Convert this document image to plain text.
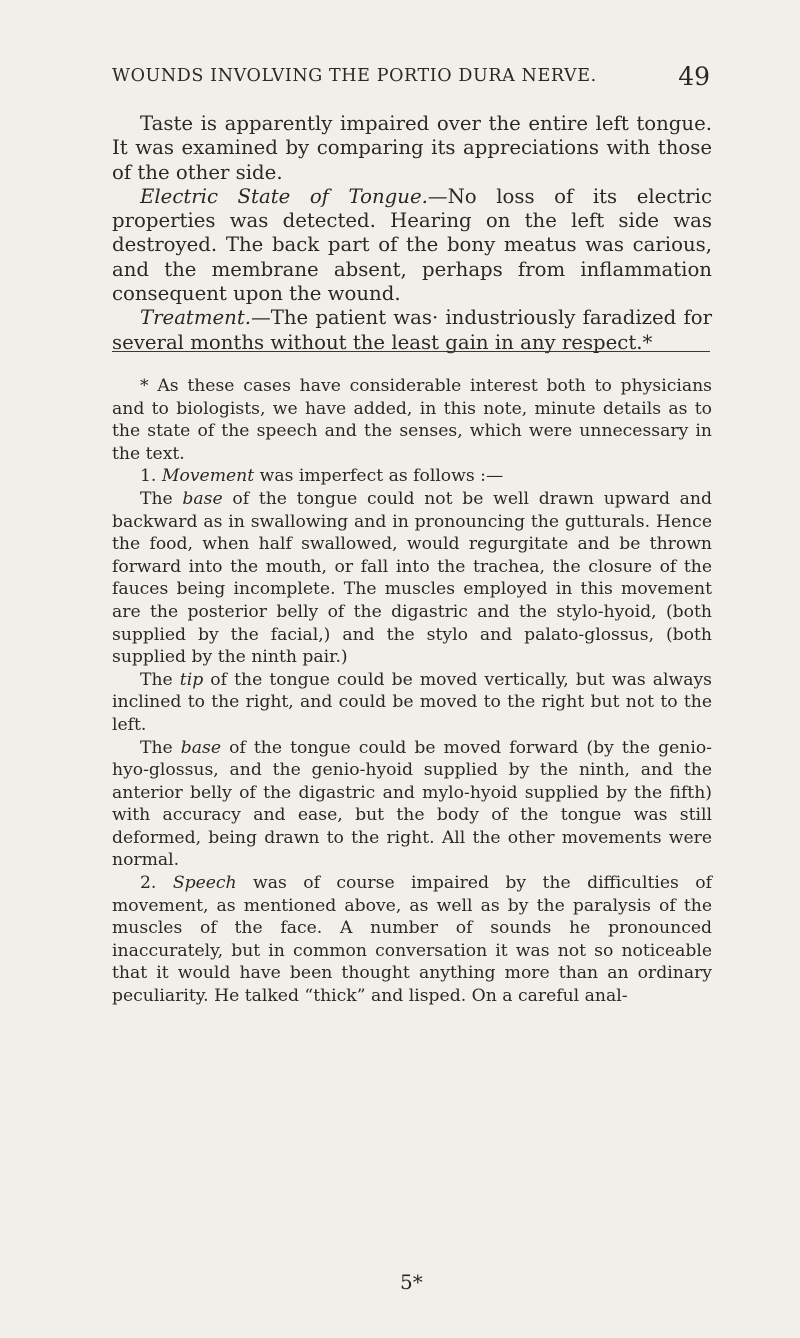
WOUNDS INVOLVING THE PORTIO DURA NERVE.	49

Taste is apparently impaired over the entire left tongue. It was examined by comparing its appreciations with those of the other side.

Electric State of Tongue.—No loss of its electric properties was detected. Hearing on the left side was destroyed. The back part of the bony meatus was carious, and the membrane absent, perhaps from inflammation consequent upon the wound.

Treatment.—The patient was· industriously faradized for several months without the least gain in any respect.*

* As these cases have considerable interest both to physicians and to biologists, we have added, in this note, minute details as to the state of the speech and the senses, which were unnecessary in the text.

1. Movement was imperfect as follows :—

The base of the tongue could not be well drawn upward and backward as in swallowing and in pronouncing the gutturals. Hence the food, when half swallowed, would regurgitate and be thrown forward into the mouth, or fall into the trachea, the closure of the fauces being incomplete. The muscles employed in this movement are the posterior belly of the digastric and the stylo-hyoid, (both supplied by the facial,) and the stylo and palato-glossus, (both supplied by the ninth pair.)

The tip of the tongue could be moved vertically, but was always inclined to the right, and could be moved to the right but not to the left.

The base of the tongue could be moved forward (by the genio-hyo-glossus, and the genio-hyoid supplied by the ninth, and the anterior belly of the digastric and mylo-hyoid supplied by the fifth) with accuracy and ease, but the body of the tongue was still deformed, being drawn to the right. All the other movements were normal.

2. Speech was of course impaired by the difficulties of movement, as mentioned above, as well as by the paralysis of the muscles of the face. A number of sounds he pronounced inaccurately, but in common conversation it was not so noticeable that it would have been thought anything more than an ordinary peculiarity. He talked “thick” and lisped. On a careful anal-

5*
